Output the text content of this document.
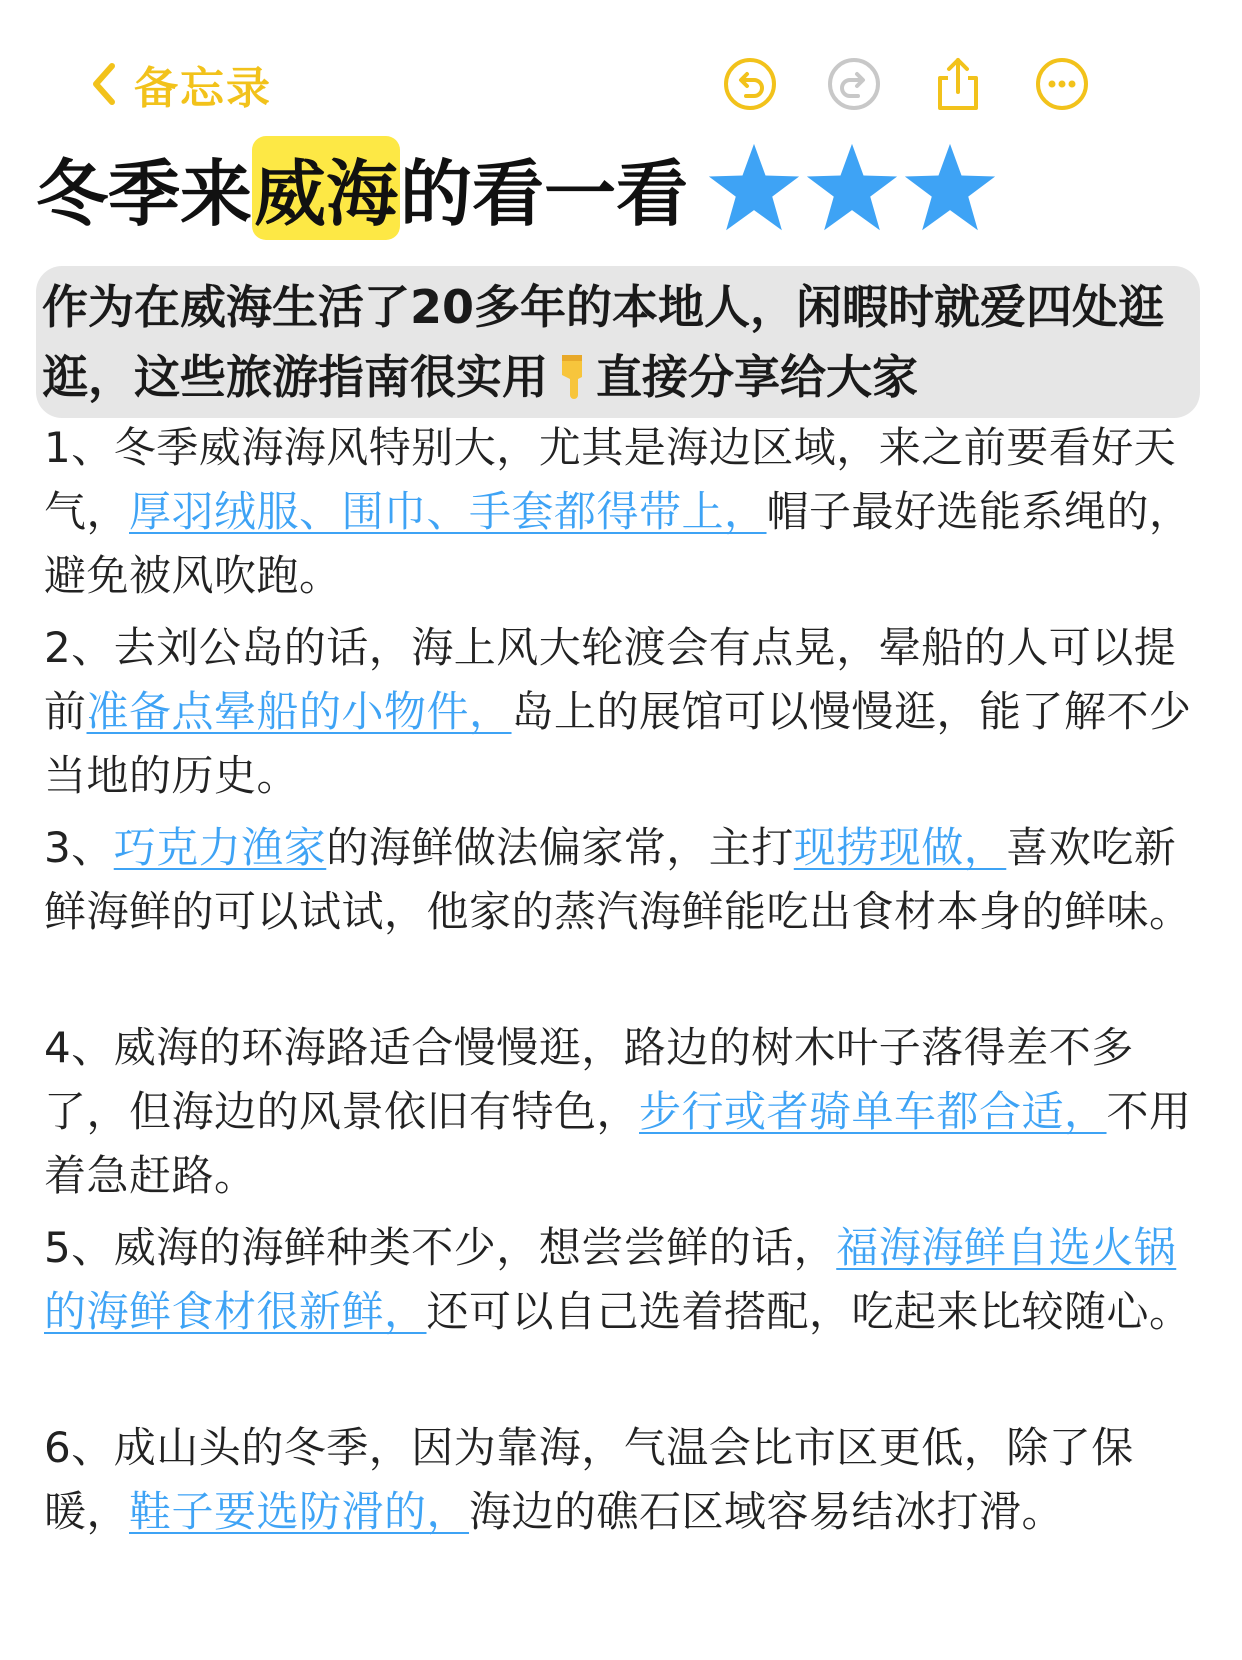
备忘录
冬季来 威海 的看一看
作为在威海生活了20多年的本地人，闲暇时就爱四处逛逛，这些旅游指南很实用 直接分享给大家
1、冬季威海海风特别大，尤其是海边区域，来之前要看好天气，厚羽绒服、围巾、手套都得带上，帽子最好选能系绳的，避免被风吹跑。
2、去刘公岛的话，海上风大轮渡会有点晃，晕船的人可以提前准备点晕船的小物件，岛上的展馆可以慢慢逛，能了解不少当地的历史。
3、巧克力渔家的海鲜做法偏家常，主打现捞现做，喜欢吃新鲜海鲜的可以试试，他家的蒸汽海鲜能吃出食材本身的鲜味。
4、威海的环海路适合慢慢逛，路边的树木叶子落得差不多了，但海边的风景依旧有特色，步行或者骑单车都合适，不用着急赶路。
5、威海的海鲜种类不少，想尝尝鲜的话，福海海鲜自选火锅的海鲜食材很新鲜，还可以自己选着搭配，吃起来比较随心。
6、成山头的冬季，因为靠海，气温会比市区更低，除了保暖，鞋子要选防滑的，海边的礁石区域容易结冰打滑。
